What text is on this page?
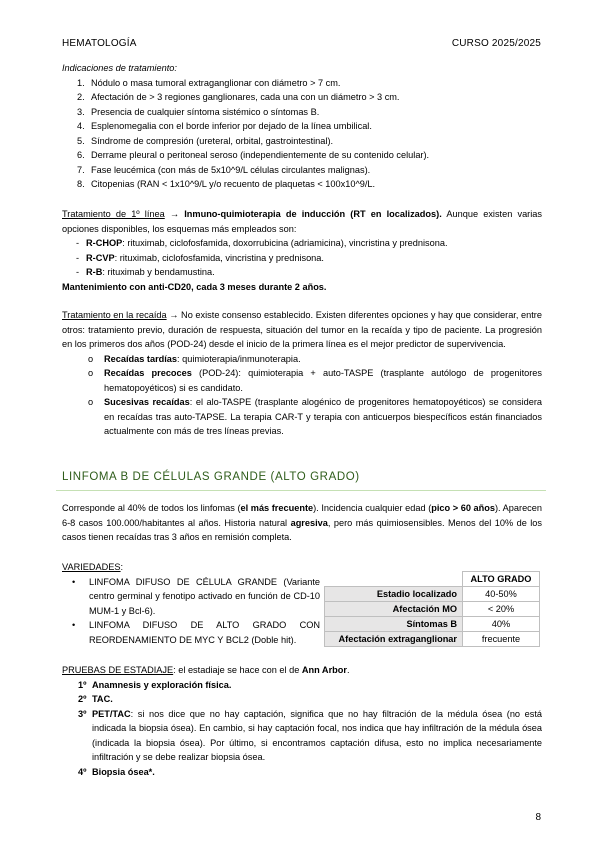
HEMATOLOGÍA	CURSO 2025/2025
Indicaciones de tratamiento:
1. Nódulo o masa tumoral extraganglionar con diámetro > 7 cm.
2. Afectación de > 3 regiones ganglionares, cada una con un diámetro > 3 cm.
3. Presencia de cualquier síntoma sistémico o síntomas B.
4. Esplenomegalia con el borde inferior por dejado de la línea umbilical.
5. Síndrome de compresión (ureteral, orbital, gastrointestinal).
6. Derrame pleural o peritoneal seroso (independientemente de su contenido celular).
7. Fase leucémica (con más de 5x10^9/L células circulantes malignas).
8. Citopenias (RAN < 1x10^9/L y/o recuento de plaquetas < 100x10^9/L.
Tratamiento de 1º línea → Inmuno-quimioterapia de inducción (RT en localizados). Aunque existen varias opciones disponibles, los esquemas más empleados son:
- R-CHOP: rituximab, ciclofosfamida, doxorrubicina (adriamicina), vincristina y prednisona.
- R-CVP: rituximab, ciclofosfamida, vincristina y prednisona.
- R-B: rituximab y bendamustina.
Mantenimiento con anti-CD20, cada 3 meses durante 2 años.
Tratamiento en la recaída → No existe consenso establecido. Existen diferentes opciones y hay que considerar, entre otros: tratamiento previo, duración de respuesta, situación del tumor en la recaída y tipo de paciente. La progresión en los primeros dos años (POD-24) desde el inicio de la primera línea es el mejor predictor de supervivencia.
o Recaídas tardías: quimioterapia/inmunoterapia.
o Recaídas precoces (POD-24): quimioterapia + auto-TASPE (trasplante autólogo de progenitores hematopoyéticos) si es candidato.
o Sucesivas recaídas: el alo-TASPE (trasplante alogénico de progenitores hematopoyéticos) se considera en recaídas tras auto-TAPSE. La terapia CAR-T y terapia con anticuerpos biespecíficos están financiados actualmente con más de tres líneas previas.
LINFOMA B DE CÉLULAS GRANDE (ALTO GRADO)
Corresponde al 40% de todos los linfomas (el más frecuente). Incidencia cualquier edad (pico > 60 años). Aparecen 6-8 casos 100.000/habitantes al años. Historia natural agresiva, pero más quimiosensibles. Menos del 10% de los casos tienen recaídas tras 3 años en remisión completa.
VARIEDADES:
• LINFOMA DIFUSO DE CÉLULA GRANDE (Variante centro germinal y fenotipo activado en función de CD-10 MUM-1 y Bcl-6).
• LINFOMA DIFUSO DE ALTO GRADO CON REORDENAMIENTO DE MYC Y BCL2 (Doble hit).
	ALTO GRADO
Estadio localizado	40-50%
Afectación MO	< 20%
Síntomas B	40%
Afectación extraganglionar	frecuente
PRUEBAS DE ESTADIAJE: el estadiaje se hace con el de Ann Arbor.
1º Anamnesis y exploración física.
2º TAC.
3º PET/TAC: si nos dice que no hay captación, significa que no hay filtración de la médula ósea (no está indicada la biopsia ósea). En cambio, si hay captación focal, nos indica que hay infiltración de la médula ósea (indicada la biopsia ósea). Por último, si encontramos captación difusa, esto no implica necesariamente infiltración y se debe realizar biopsia ósea.
4º Biopsia ósea*.
8
